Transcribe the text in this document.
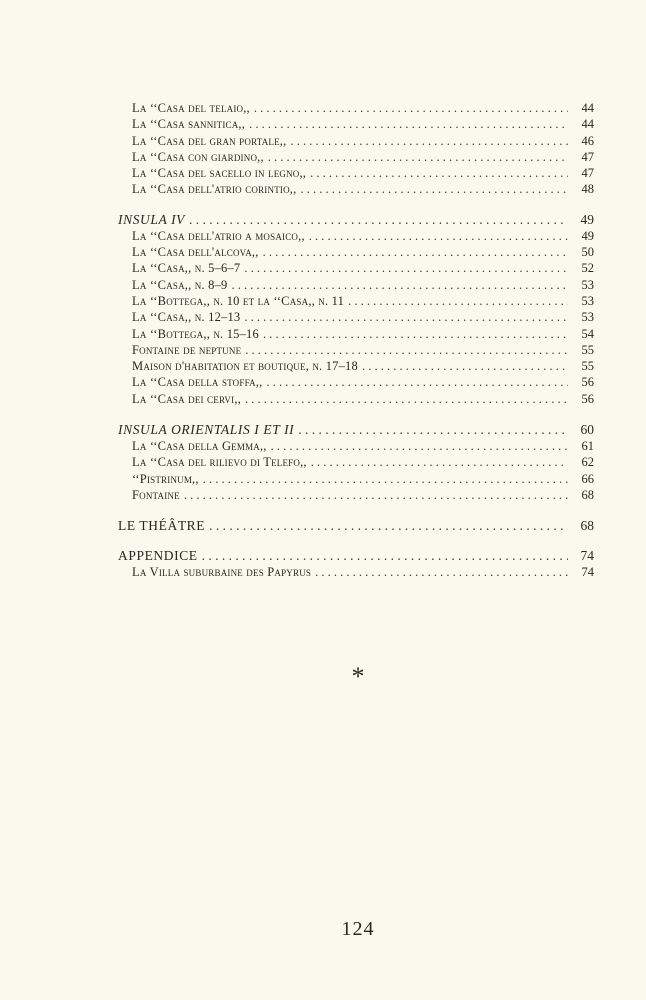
La ‘‘Casa del telaio,, . . .	44
La ‘‘Casa sannitica,, . . .	44
La ‘‘Casa del gran portale,, . . .	46
La ‘‘Casa con giardino,, . . .	47
La ‘‘Casa del sacello in legno,, . . .	47
La ‘‘Casa dell'atrio corintio,, . . .	48
INSULA IV . . .	49
La ‘‘Casa dell'atrio a mosaico,, . . .	49
La ‘‘Casa dell'alcova,, . . .	50
La ‘‘Casa,, n. 5–6–7 . . .	52
La ‘‘Casa,, n. 8–9 . . .	53
La ‘‘Bottega,, n. 10 et la ‘‘Casa,, n. 11 . . .	53
La ‘‘Casa,, n. 12–13 . . .	53
La ‘‘Bottega,, n. 15–16 . . .	54
Fontaine de neptune . . .	55
Maison d'habitation et boutique, n. 17–18 . . .	55
La ‘‘Casa della stoffa,, . . .	56
La ‘‘Casa dei cervi,, . . .	56
INSULA ORIENTALIS I ET II . . .	60
La ‘‘Casa della Gemma,, . . .	61
La ‘‘Casa del rilievo di Telefo,, . . .	62
‘‘Pistrinum,, . . .	66
Fontaine . . .	68
LE THÉÂTRE . . .	68
APPENDICE . . .	74
La Villa suburbaine des Papyrus . . .	74
*
124
